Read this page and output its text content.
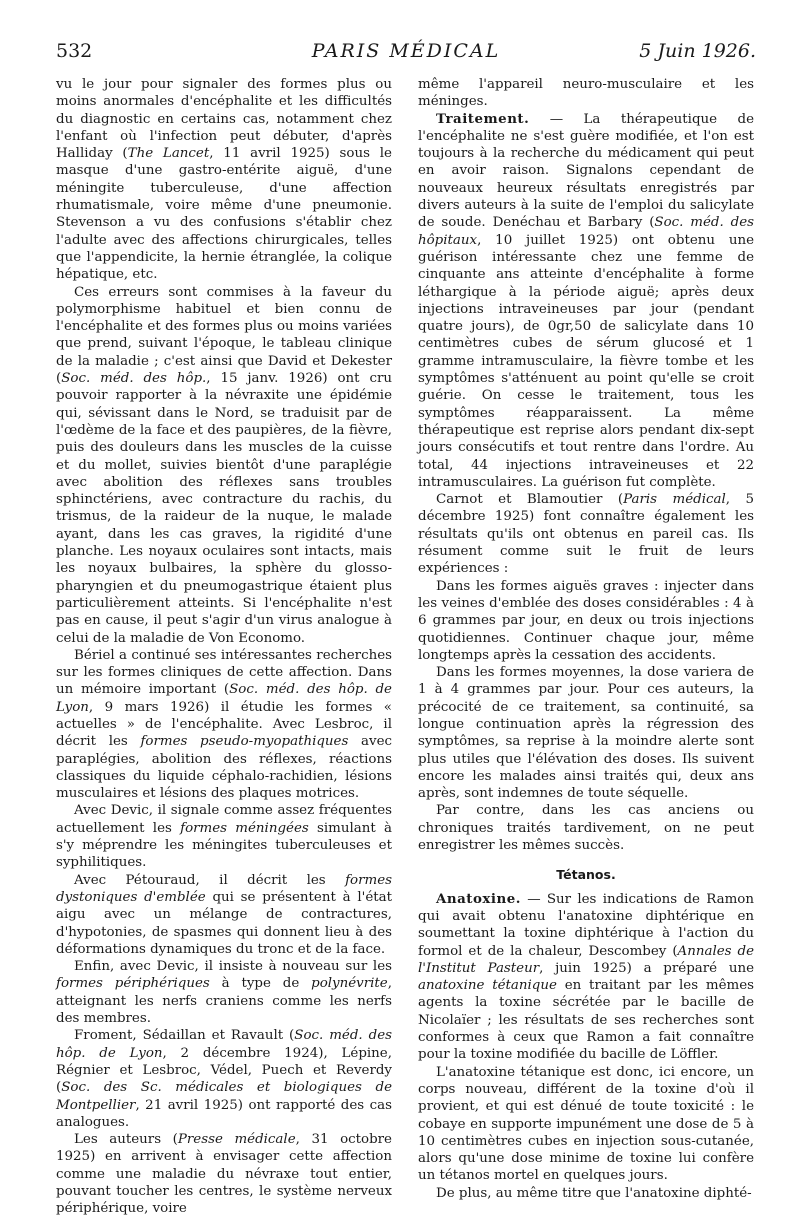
532	PARIS MÉDICAL	5 Juin 1926.

vu le jour pour signaler des formes plus ou moins anormales d'encéphalite et les difficultés du diagnostic en certains cas, notamment chez l'enfant où l'infection peut débuter, d'après Halliday (The Lancet, 11 avril 1925) sous le masque d'une gastro-entérite aiguë, d'une méningite tuberculeuse, d'une affection rhumatismale, voire même d'une pneumonie. Stevenson a vu des confusions s'établir chez l'adulte avec des affections chirurgicales, telles que l'appendicite, la hernie étranglée, la colique hépatique, etc.

Ces erreurs sont commises à la faveur du polymorphisme habituel et bien connu de l'encéphalite et des formes plus ou moins variées que prend, suivant l'époque, le tableau clinique de la maladie ; c'est ainsi que David et Dekester (Soc. méd. des hôp., 15 janv. 1926) ont cru pouvoir rapporter à la névraxite une épidémie qui, sévissant dans le Nord, se traduisit par de l'œdème de la face et des paupières, de la fièvre, puis des douleurs dans les muscles de la cuisse et du mollet, suivies bientôt d'une paraplégie avec abolition des réflexes sans troubles sphinctériens, avec contracture du rachis, du trismus, de la raideur de la nuque, le malade ayant, dans les cas graves, la rigidité d'une planche. Les noyaux oculaires sont intacts, mais les noyaux bulbaires, la sphère du glosso-pharyngien et du pneumogastrique étaient plus particulièrement atteints. Si l'encéphalite n'est pas en cause, il peut s'agir d'un virus analogue à celui de la maladie de Von Economo.

Bériel a continué ses intéressantes recherches sur les formes cliniques de cette affection. Dans un mémoire important (Soc. méd. des hôp. de Lyon, 9 mars 1926) il étudie les formes « actuelles » de l'encéphalite. Avec Lesbroc, il décrit les formes pseudo-myopathiques avec paraplégies, abolition des réflexes, réactions classiques du liquide céphalo-rachidien, lésions musculaires et lésions des plaques motrices.

Avec Devic, il signale comme assez fréquentes actuellement les formes méningées simulant à s'y méprendre les méningites tuberculeuses et syphilitiques.

Avec Pétouraud, il décrit les formes dystoniques d'emblée qui se présentent à l'état aigu avec un mélange de contractures, d'hypotonies, de spasmes qui donnent lieu à des déformations dynamiques du tronc et de la face.

Enfin, avec Devic, il insiste à nouveau sur les formes périphériques à type de polynévrite, atteignant les nerfs craniens comme les nerfs des membres.

Froment, Sédaillan et Ravault (Soc. méd. des hôp. de Lyon, 2 décembre 1924), Lépine, Régnier et Lesbroc, Védel, Puech et Reverdy (Soc. des Sc. médicales et biologiques de Montpellier, 21 avril 1925) ont rapporté des cas analogues.

Les auteurs (Presse médicale, 31 octobre 1925) en arrivent à envisager cette affection comme une maladie du névraxe tout entier, pouvant toucher les centres, le système nerveux périphérique, voire

même l'appareil neuro-musculaire et les méninges.

Traitement. — La thérapeutique de l'encéphalite ne s'est guère modifiée, et l'on est toujours à la recherche du médicament qui peut en avoir raison. Signalons cependant de nouveaux heureux résultats enregistrés par divers auteurs à la suite de l'emploi du salicylate de soude. Denéchau et Barbary (Soc. méd. des hôpitaux, 10 juillet 1925) ont obtenu une guérison intéressante chez une femme de cinquante ans atteinte d'encéphalite à forme léthargique à la période aiguë; après deux injections intraveineuses par jour (pendant quatre jours), de 0gr,50 de salicylate dans 10 centimètres cubes de sérum glucosé et 1 gramme intramusculaire, la fièvre tombe et les symptômes s'atténuent au point qu'elle se croit guérie. On cesse le traitement, tous les symptômes réapparaissent. La même thérapeutique est reprise alors pendant dix-sept jours consécutifs et tout rentre dans l'ordre. Au total, 44 injections intraveineuses et 22 intramusculaires. La guérison fut complète.

Carnot et Blamoutier (Paris médical, 5 décembre 1925) font connaître également les résultats qu'ils ont obtenus en pareil cas. Ils résument comme suit le fruit de leurs expériences :

Dans les formes aiguës graves : injecter dans les veines d'emblée des doses considérables : 4 à 6 grammes par jour, en deux ou trois injections quotidiennes. Continuer chaque jour, même longtemps après la cessation des accidents.

Dans les formes moyennes, la dose variera de 1 à 4 grammes par jour. Pour ces auteurs, la précocité de ce traitement, sa continuité, sa longue continuation après la régression des symptômes, sa reprise à la moindre alerte sont plus utiles que l'élévation des doses. Ils suivent encore les malades ainsi traités qui, deux ans après, sont indemnes de toute séquelle.

Par contre, dans les cas anciens ou chroniques traités tardivement, on ne peut enregistrer les mêmes succès.

Tétanos.

Anatoxine. — Sur les indications de Ramon qui avait obtenu l'anatoxine diphtérique en soumettant la toxine diphtérique à l'action du formol et de la chaleur, Descombey (Annales de l'Institut Pasteur, juin 1925) a préparé une anatoxine tétanique en traitant par les mêmes agents la toxine sécrétée par le bacille de Nicolaïer ; les résultats de ses recherches sont conformes à ceux que Ramon a fait connaître pour la toxine modifiée du bacille de Löffler.

L'anatoxine tétanique est donc, ici encore, un corps nouveau, différent de la toxine d'où il provient, et qui est dénué de toute toxicité : le cobaye en supporte impunément une dose de 5 à 10 centimètres cubes en injection sous-cutanée, alors qu'une dose minime de toxine lui confère un tétanos mortel en quelques jours.

De plus, au même titre que l'anatoxine diphté-
